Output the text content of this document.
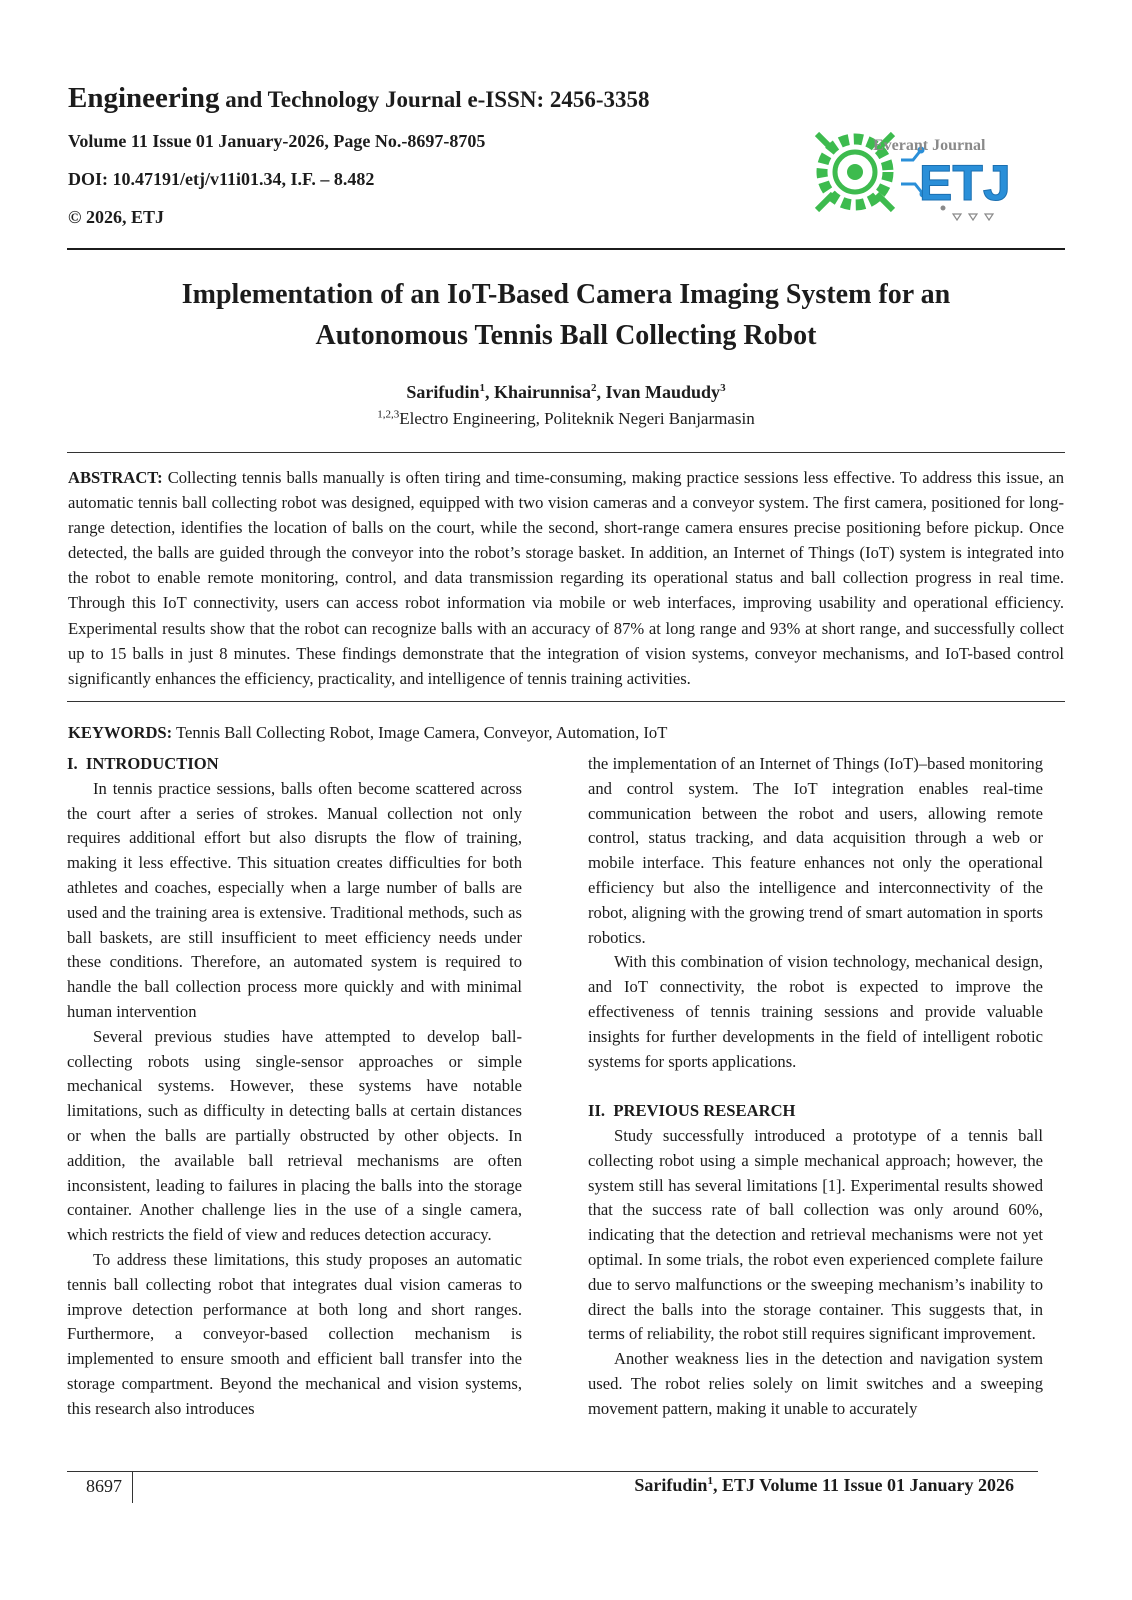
Engineering and Technology Journal e-ISSN: 2456-3358
Volume 11 Issue 01 January-2026, Page No.-8697-8705
DOI: 10.47191/etj/v11i01.34, I.F. – 8.482
© 2026, ETJ
Everant Journal
ETJ
Implementation of an IoT-Based Camera Imaging System for an
Autonomous Tennis Ball Collecting Robot
Sarifudin$^1$, Khairunnisa$^2$, Ivan Maududy$^3$
$^{1,2,3}$Electro Engineering, Politeknik Negeri Banjarmasin
ABSTRACT: Collecting tennis balls manually is often tiring and time-consuming, making practice sessions less effective. To address this issue, an automatic tennis ball collecting robot was designed, equipped with two vision cameras and a conveyor system. The first camera, positioned for long-range detection, identifies the location of balls on the court, while the second, short-range camera ensures precise positioning before pickup. Once detected, the balls are guided through the conveyor into the robot’s storage basket. In addition, an Internet of Things (IoT) system is integrated into the robot to enable remote monitoring, control, and data transmission regarding its operational status and ball collection progress in real time. Through this IoT connectivity, users can access robot information via mobile or web interfaces, improving usability and operational efficiency. Experimental results show that the robot can recognize balls with an accuracy of 87% at long range and 93% at short range, and successfully collect up to 15 balls in just 8 minutes. These findings demonstrate that the integration of vision systems, conveyor mechanisms, and IoT-based control significantly enhances the efficiency, practicality, and intelligence of tennis training activities.
KEYWORDS: Tennis Ball Collecting Robot, Image Camera, Conveyor, Automation, IoT
I.  INTRODUCTION

In tennis practice sessions, balls often become scattered across the court after a series of strokes. Manual collection not only requires additional effort but also disrupts the flow of training, making it less effective. This situation creates difficulties for both athletes and coaches, especially when a large number of balls are used and the training area is extensive. Traditional methods, such as ball baskets, are still insufficient to meet efficiency needs under these conditions. Therefore, an automated system is required to handle the ball collection process more quickly and with minimal human intervention

Several previous studies have attempted to develop ball-collecting robots using single-sensor approaches or simple mechanical systems. However, these systems have notable limitations, such as difficulty in detecting balls at certain distances or when the balls are partially obstructed by other objects. In addition, the available ball retrieval mechanisms are often inconsistent, leading to failures in placing the balls into the storage container. Another challenge lies in the use of a single camera, which restricts the field of view and reduces detection accuracy.

To address these limitations, this study proposes an automatic tennis ball collecting robot that integrates dual vision cameras to improve detection performance at both long and short ranges. Furthermore, a conveyor-based collection mechanism is implemented to ensure smooth and efficient ball transfer into the storage compartment. Beyond the mechanical and vision systems, this research also introduces

the implementation of an Internet of Things (IoT)–based monitoring and control system. The IoT integration enables real-time communication between the robot and users, allowing remote control, status tracking, and data acquisition through a web or mobile interface. This feature enhances not only the operational efficiency but also the intelligence and interconnectivity of the robot, aligning with the growing trend of smart automation in sports robotics.

With this combination of vision technology, mechanical design, and IoT connectivity, the robot is expected to improve the effectiveness of tennis training sessions and provide valuable insights for further developments in the field of intelligent robotic systems for sports applications.

II.  PREVIOUS RESEARCH

Study successfully introduced a prototype of a tennis ball collecting robot using a simple mechanical approach; however, the system still has several limitations [1]. Experimental results showed that the success rate of ball collection was only around 60%, indicating that the detection and retrieval mechanisms were not yet optimal. In some trials, the robot even experienced complete failure due to servo malfunctions or the sweeping mechanism’s inability to direct the balls into the storage container. This suggests that, in terms of reliability, the robot still requires significant improvement.

Another weakness lies in the detection and navigation system used. The robot relies solely on limit switches and a sweeping movement pattern, making it unable to accurately

8697	Sarifudin$^1$, ETJ Volume 11 Issue 01 January 2026
